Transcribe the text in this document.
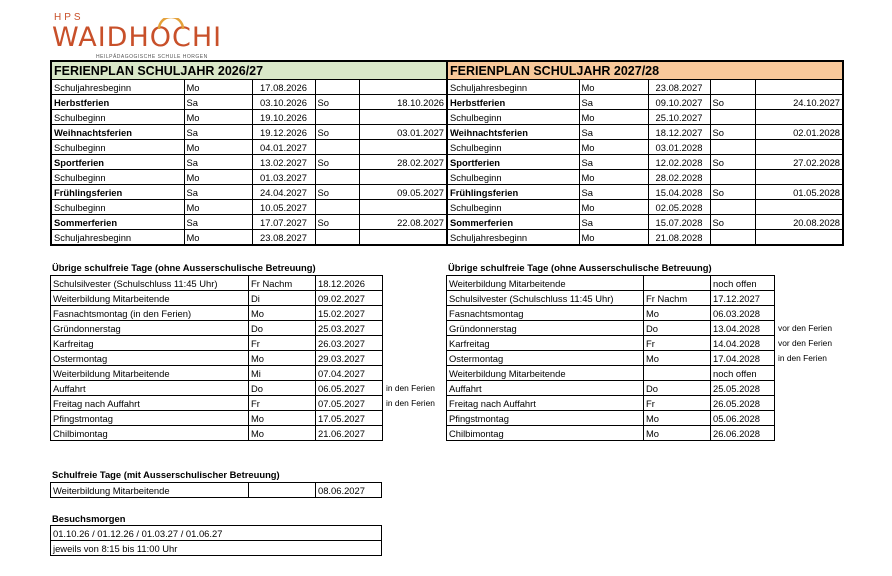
HPS
WAIDHOCHI
HEILPÄDAGOGISCHE SCHULE HORGEN
FERIENPLAN SCHULJAHR 2026/27				
Schuljahresbeginn	Mo	17.08.2026		
Herbstferien	Sa	03.10.2026	So	18.10.2026
Schulbeginn	Mo	19.10.2026		
Weihnachtsferien	Sa	19.12.2026	So	03.01.2027
Schulbeginn	Mo	04.01.2027		
Sportferien	Sa	13.02.2027	So	28.02.2027
Schulbeginn	Mo	01.03.2027		
Frühlingsferien	Sa	24.04.2027	So	09.05.2027
Schulbeginn	Mo	10.05.2027		
Sommerferien	Sa	17.07.2027	So	22.08.2027
Schuljahresbeginn	Mo	23.08.2027		
FERIENPLAN SCHULJAHR 2027/28				
Schuljahresbeginn	Mo	23.08.2027		
Herbstferien	Sa	09.10.2027	So	24.10.2027
Schulbeginn	Mo	25.10.2027		
Weihnachtsferien	Sa	18.12.2027	So	02.01.2028
Schulbeginn	Mo	03.01.2028		
Sportferien	Sa	12.02.2028	So	27.02.2028
Schulbeginn	Mo	28.02.2028		
Frühlingsferien	Sa	15.04.2028	So	01.05.2028
Schulbeginn	Mo	02.05.2028		
Sommerferien	Sa	15.07.2028	So	20.08.2028
Schuljahresbeginn	Mo	21.08.2028		
Übrige schulfreie Tage (ohne Ausserschulische Betreuung)
Schulsilvester (Schulschluss 11:45 Uhr)	Fr Nachm	18.12.2026	
Weiterbildung Mitarbeitende	Di	09.02.2027	
Fasnachtsmontag (in den Ferien)	Mo	15.02.2027	
Gründonnerstag	Do	25.03.2027	
Karfreitag	Fr	26.03.2027	
Ostermontag	Mo	29.03.2027	
Weiterbildung Mitarbeitende	Mi	07.04.2027	
Auffahrt	Do	06.05.2027	in den Ferien
Freitag nach Auffahrt	Fr	07.05.2027	in den Ferien
Pfingstmontag	Mo	17.05.2027	
Chilbimontag	Mo	21.06.2027	
Übrige schulfreie Tage (ohne Ausserschulische Betreuung)
Weiterbildung Mitarbeitende		noch offen	
Schulsilvester (Schulschluss 11:45 Uhr)	Fr Nachm	17.12.2027	
Fasnachtsmontag	Mo	06.03.2028	
Gründonnerstag	Do	13.04.2028	vor den Ferien
Karfreitag	Fr	14.04.2028	vor den Ferien
Ostermontag	Mo	17.04.2028	in den Ferien
Weiterbildung Mitarbeitende		noch offen	
Auffahrt	Do	25.05.2028	
Freitag nach Auffahrt	Fr	26.05.2028	
Pfingstmontag	Mo	05.06.2028	
Chilbimontag	Mo	26.06.2028	
Schulfreie Tage (mit Ausserschulischer Betreuung)
Weiterbildung Mitarbeitende		08.06.2027
Besuchsmorgen
01.10.26 / 01.12.26 / 01.03.27 / 01.06.27
jeweils von 8:15 bis 11:00 Uhr
